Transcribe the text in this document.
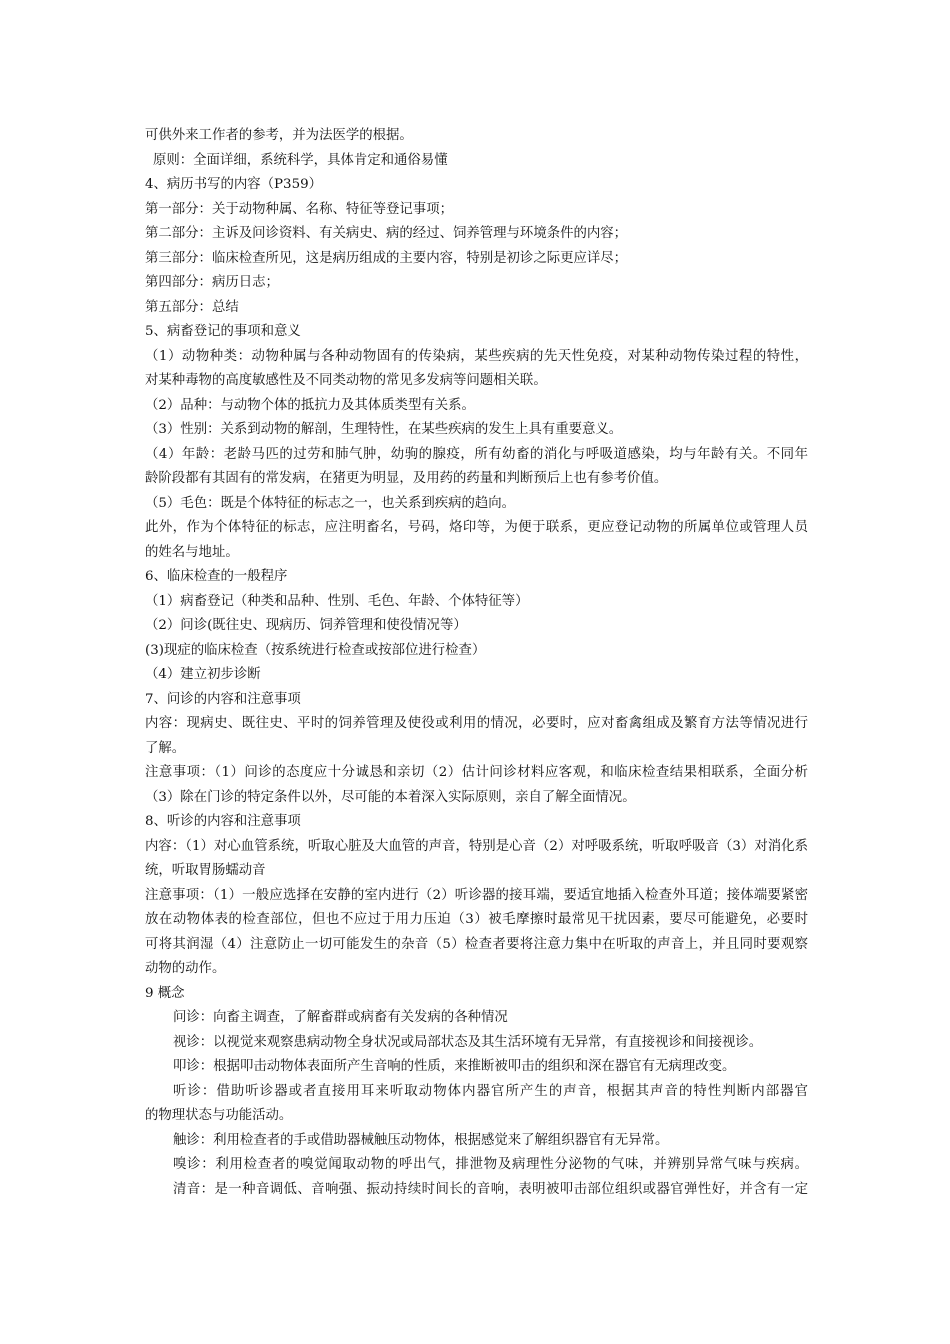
可供外来工作者的参考，并为法医学的根据。
原则：全面详细，系统科学，具体肯定和通俗易懂
4、病历书写的内容（P359）
第一部分：关于动物种属、名称、特征等登记事项；
第二部分：主诉及问诊资料、有关病史、病的经过、饲养管理与环境条件的内容；
第三部分：临床检查所见，这是病历组成的主要内容，特别是初诊之际更应详尽；
第四部分：病历日志；
第五部分：总结
5、病畜登记的事项和意义
（1）动物种类：动物种属与各种动物固有的传染病，某些疾病的先天性免疫，对某种动物传染过程的特性，
对某种毒物的高度敏感性及不同类动物的常见多发病等问题相关联。
（2）品种：与动物个体的抵抗力及其体质类型有关系。
（3）性别：关系到动物的解剖，生理特性，在某些疾病的发生上具有重要意义。
（4）年龄：老龄马匹的过劳和肺气肿，幼驹的腺疫，所有幼畜的消化与呼吸道感染，均与年龄有关。不同年
龄阶段都有其固有的常发病，在猪更为明显，及用药的药量和判断预后上也有参考价值。
（5）毛色：既是个体特征的标志之一，也关系到疾病的趋向。
此外，作为个体特征的标志，应注明畜名，号码，烙印等，为便于联系，更应登记动物的所属单位或管理人员
的姓名与地址。
6、临床检查的一般程序
（1）病畜登记（种类和品种、性别、毛色、年龄、个体特征等）
（2）问诊(既往史、现病历、饲养管理和使役情况等）
(3)现症的临床检查（按系统进行检查或按部位进行检查）
（4）建立初步诊断
7、问诊的内容和注意事项
内容：现病史、既往史、平时的饲养管理及使役或利用的情况，必要时，应对畜禽组成及繁育方法等情况进行
了解。
注意事项：（1）问诊的态度应十分诚恳和亲切（2）估计问诊材料应客观，和临床检查结果相联系，全面分析
（3）除在门诊的特定条件以外，尽可能的本着深入实际原则，亲自了解全面情况。
8、听诊的内容和注意事项
内容：（1）对心血管系统，听取心脏及大血管的声音，特别是心音（2）对呼吸系统，听取呼吸音（3）对消化系
统，听取胃肠蠕动音
注意事项：（1）一般应选择在安静的室内进行（2）听诊器的接耳端，要适宜地插入检查外耳道；接体端要紧密
放在动物体表的检查部位，但也不应过于用力压迫（3）被毛摩擦时最常见干扰因素，要尽可能避免，必要时
可将其润湿（4）注意防止一切可能发生的杂音（5）检查者要将注意力集中在听取的声音上，并且同时要观察
动物的动作。
9 概念
问诊：向畜主调查，了解畜群或病畜有关发病的各种情况
视诊：以视觉来观察患病动物全身状况或局部状态及其生活环境有无异常，有直接视诊和间接视诊。
叩诊：根据叩击动物体表面所产生音响的性质，来推断被叩击的组织和深在器官有无病理改变。
听诊：借助听诊器或者直接用耳来听取动物体内器官所产生的声音，根据其声音的特性判断内部器官
的物理状态与功能活动。
触诊：利用检查者的手或借助器械触压动物体，根据感觉来了解组织器官有无异常。
嗅诊：利用检查者的嗅觉闻取动物的呼出气，排泄物及病理性分泌物的气味，并辨别异常气味与疾病。
清音：是一种音调低、音响强、振动持续时间长的音响，表明被叩击部位组织或器官弹性好，并含有一定
